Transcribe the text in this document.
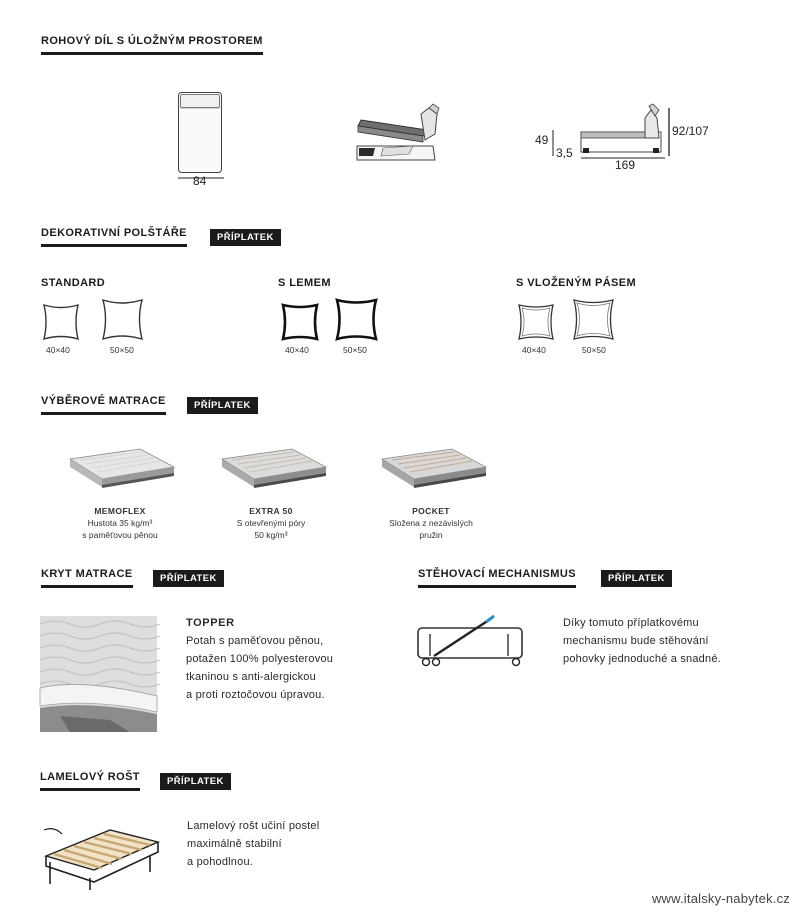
ROHOVÝ DÍL S ÚLOŽNÝM PROSTOREM
84
49
3,5
92/107
169
DEKORATIVNÍ POLŠTÁŘE	PŘÍPLATEK
STANDARD	S LEMEM	S VLOŽENÝM PÁSEM
40×40	50×50	40×40	50×50	40×40	50×50
VÝBĚROVÉ MATRACE	PŘÍPLATEK
MEMOFLEX
Hustota 35 kg/m³
s paměťovou pěnou
EXTRA 50
S otevřenými póry
50 kg/m³
POCKET
Složena z nezávislých
pružin
KRYT MATRACE	PŘÍPLATEK
TOPPER
Potah s paměťovou pěnou,
potažen 100% polyesterovou
tkaninou s anti-alergickou
a proti roztočovou úpravou.
STĚHOVACÍ MECHANISMUS	PŘÍPLATEK
Díky tomuto příplatkovému
mechanismu bude stěhování
pohovky jednoduché a snadné.
LAMELOVÝ ROŠT	PŘÍPLATEK
Lamelový rošt učiní postel
maximálně stabilní
a pohodlnou.
www.italsky-nabytek.cz
